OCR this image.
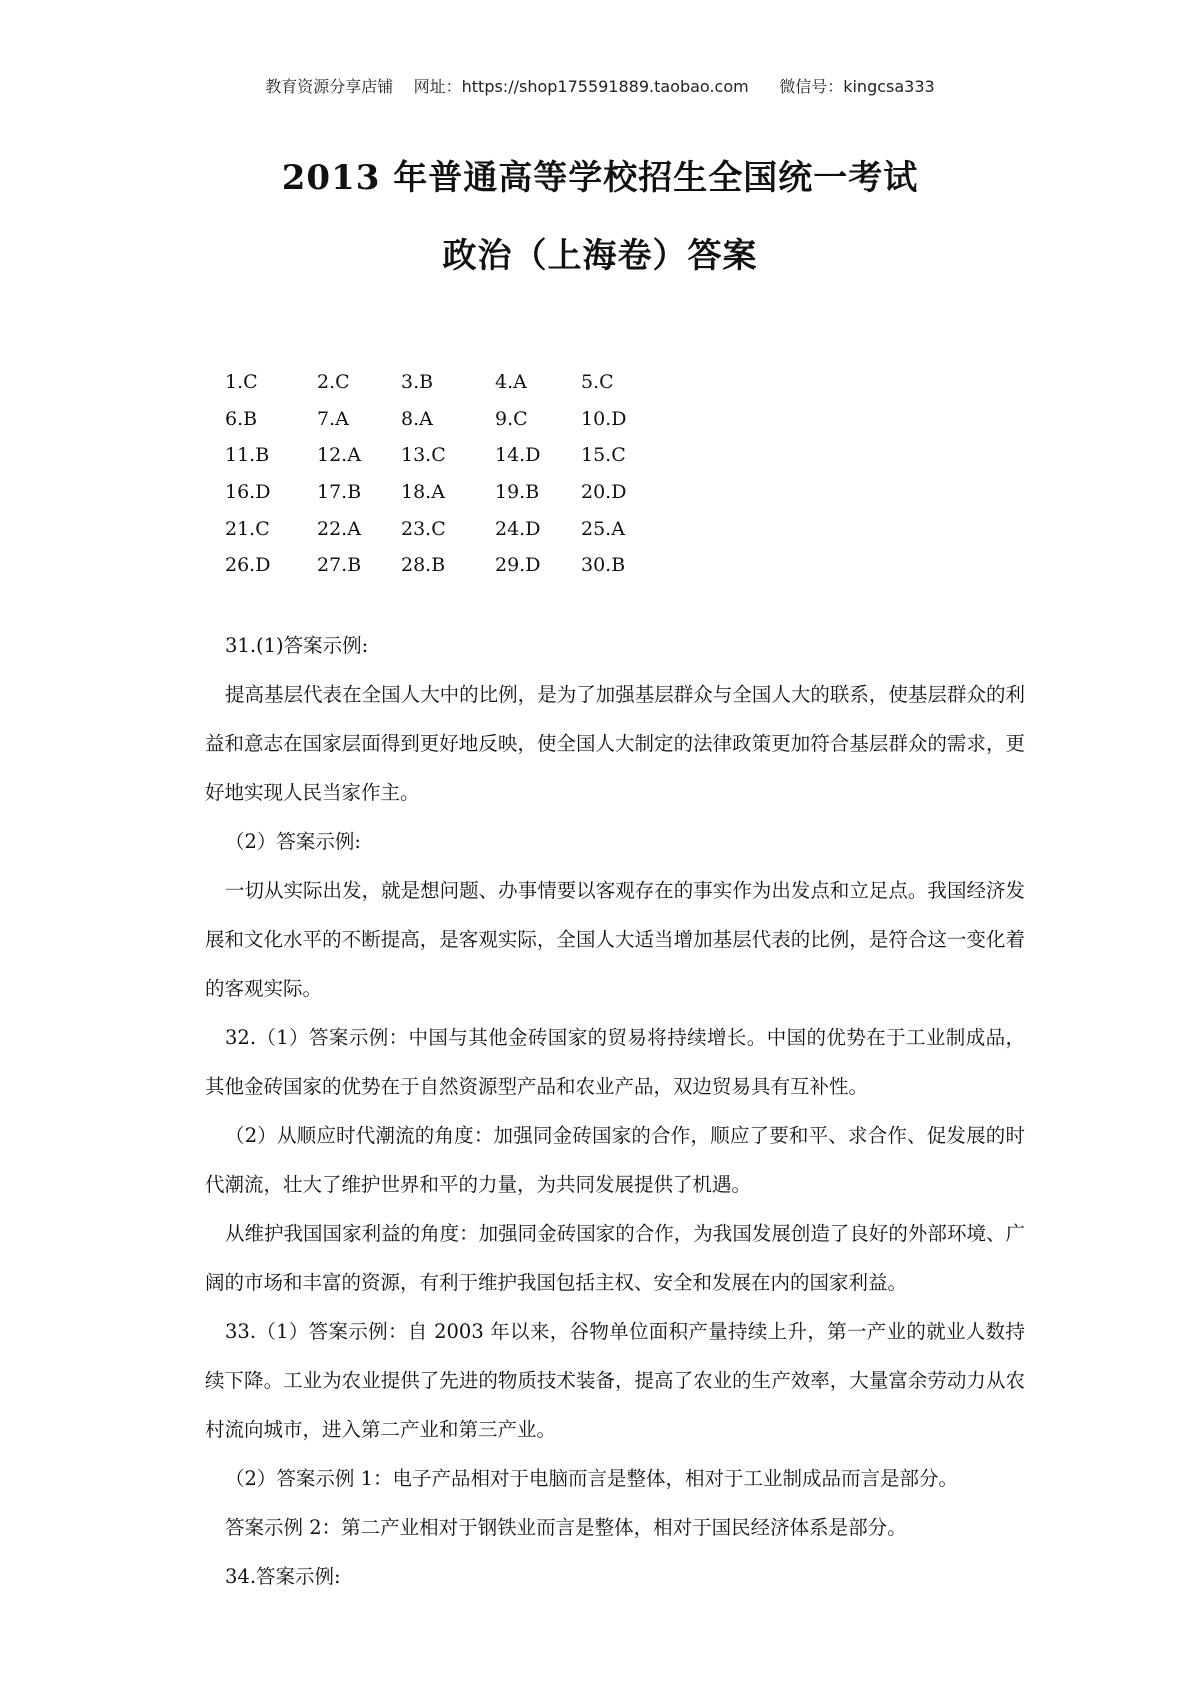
教育资源分享店铺    网址：https://shop175591889.taobao.com      微信号：kingcsa333
2013 年普通高等学校招生全国统一考试
政治（上海卷）答案
1.C	2.C	3.B	4.A	5.C
6.B	7.A	8.A	9.C	10.D
11.B	12.A	13.C	14.D	15.C
16.D	17.B	18.A	19.B	20.D
21.C	22.A	23.C	24.D	25.A
26.D	27.B	28.B	29.D	30.B

31.(1)答案示例:

提高基层代表在全国人大中的比例，是为了加强基层群众与全国人大的联系，使基层群众的利益和意志在国家层面得到更好地反映，使全国人大制定的法律政策更加符合基层群众的需求，更好地实现人民当家作主。

（2）答案示例:

一切从实际出发，就是想问题、办事情要以客观存在的事实作为出发点和立足点。我国经济发展和文化水平的不断提高，是客观实际，全国人大适当增加基层代表的比例，是符合这一变化着的客观实际。

32.（1）答案示例：中国与其他金砖国家的贸易将持续增长。中国的优势在于工业制成品，其他金砖国家的优势在于自然资源型产品和农业产品，双边贸易具有互补性。

（2）从顺应时代潮流的角度：加强同金砖国家的合作，顺应了要和平、求合作、促发展的时代潮流，壮大了维护世界和平的力量，为共同发展提供了机遇。

从维护我国国家利益的角度：加强同金砖国家的合作，为我国发展创造了良好的外部环境、广阔的市场和丰富的资源，有利于维护我国包括主权、安全和发展在内的国家利益。

33.（1）答案示例：自 2003 年以来，谷物单位面积产量持续上升，第一产业的就业人数持续下降。工业为农业提供了先进的物质技术装备，提高了农业的生产效率，大量富余劳动力从农村流向城市，进入第二产业和第三产业。

（2）答案示例 1：电子产品相对于电脑而言是整体，相对于工业制成品而言是部分。

答案示例 2：第二产业相对于钢铁业而言是整体，相对于国民经济体系是部分。

34.答案示例:
